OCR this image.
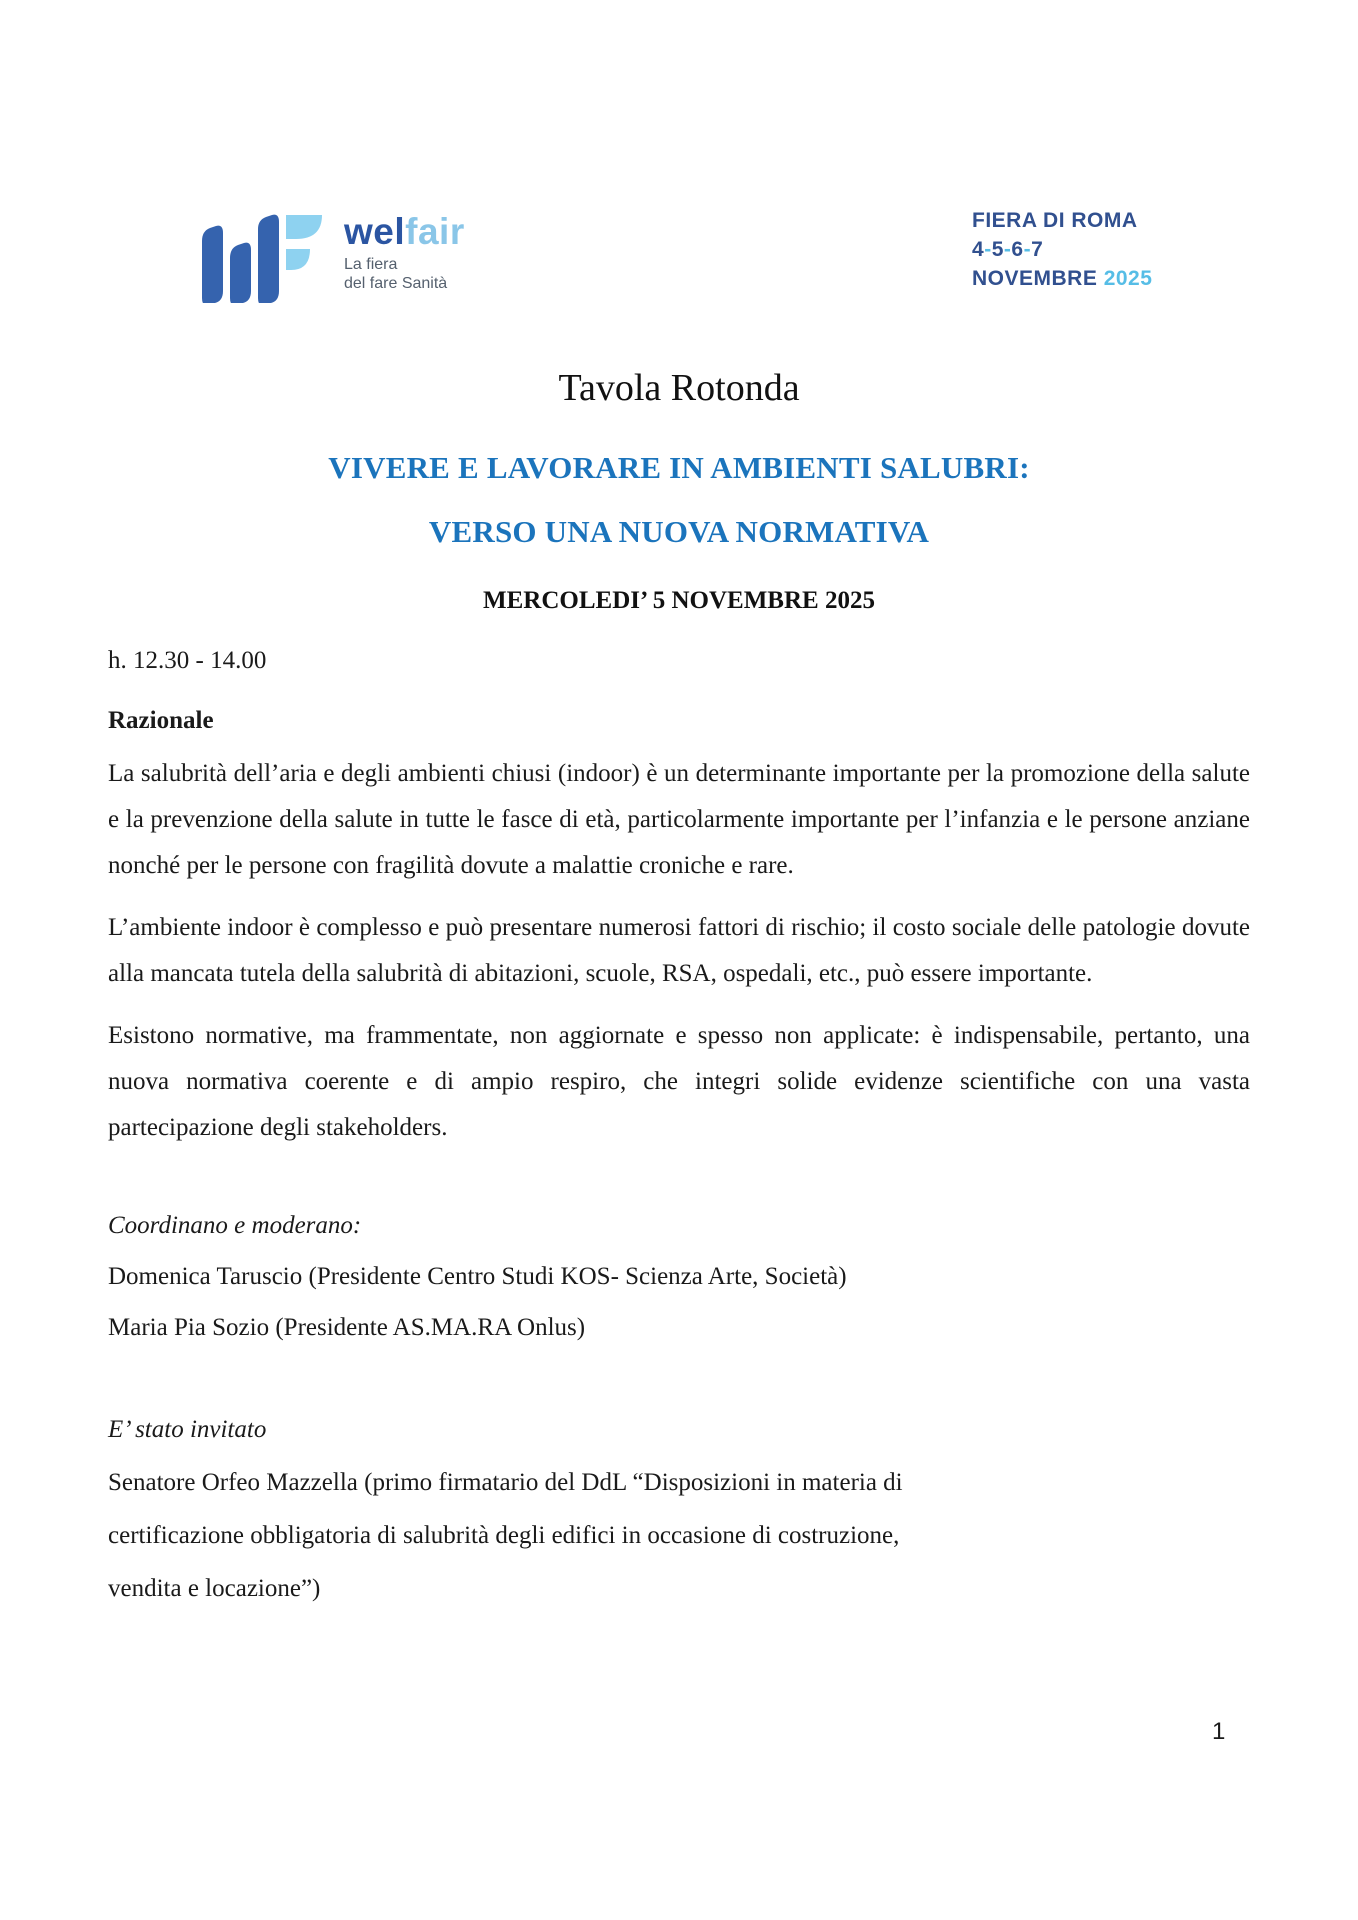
welfair
La fiera
del fare Sanità
FIERA DI ROMA
4-5-6-7
NOVEMBRE 2025
Tavola Rotonda
VIVERE E LAVORARE IN AMBIENTI SALUBRI:
VERSO UNA NUOVA NORMATIVA
MERCOLEDI’ 5 NOVEMBRE 2025
h. 12.30 - 14.00
Razionale

La salubrità dell’aria e degli ambienti chiusi (indoor) è un determinante importante per la promozione della salute e la prevenzione della salute in tutte le fasce di età, particolarmente importante per l’infanzia e le persone anziane nonché per le persone con fragilità dovute a malattie croniche e rare.

L’ambiente indoor è complesso e può presentare numerosi fattori di rischio; il costo sociale delle patologie dovute alla mancata tutela della salubrità di abitazioni, scuole, RSA, ospedali, etc., può essere importante.

Esistono normative, ma frammentate, non aggiornate e spesso non applicate: è indispensabile, pertanto, una nuova normativa coerente e di ampio respiro, che integri solide evidenze scientifiche con una vasta partecipazione degli stakeholders.

Coordinano e moderano:
Domenica Taruscio (Presidente Centro Studi KOS- Scienza Arte, Società)
Maria Pia Sozio (Presidente AS.MA.RA Onlus)
E’ stato invitato
Senatore Orfeo Mazzella (primo firmatario del DdL “Disposizioni in materia di
certificazione obbligatoria di salubrità degli edifici in occasione di costruzione,
vendita e locazione”)
1
